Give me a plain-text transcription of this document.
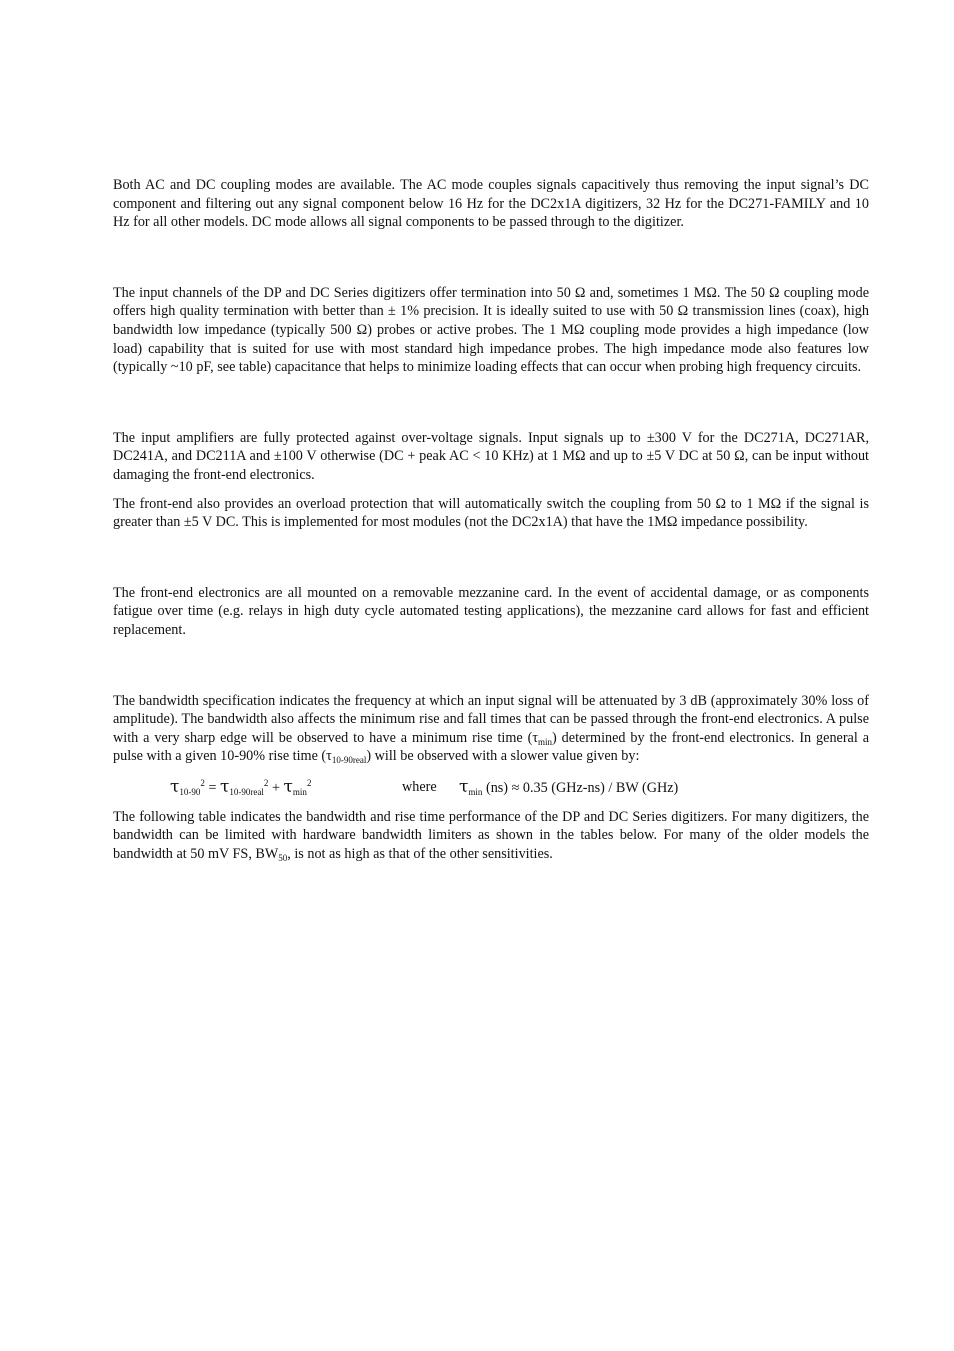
Both AC and DC coupling modes are available. The AC mode couples signals capacitively thus removing the input signal’s DC component and filtering out any signal component below 16 Hz for the DC2x1A digitizers, 32 Hz for the DC271-FAMILY and 10 Hz for all other models. DC mode allows all signal components to be passed through to the digitizer.

The input channels of the DP and DC Series digitizers offer termination into 50 Ω and, sometimes 1 MΩ. The 50 Ω coupling mode offers high quality termination with better than ± 1% precision. It is ideally suited to use with 50 Ω transmission lines (coax), high bandwidth low impedance (typically 500 Ω) probes or active probes. The 1 MΩ coupling mode provides a high impedance (low load) capability that is suited for use with most standard high impedance probes. The high impedance mode also features low (typically ~10 pF, see table) capacitance that helps to minimize loading effects that can occur when probing high frequency circuits.

The input amplifiers are fully protected against over-voltage signals. Input signals up to ±300 V for the DC271A, DC271AR, DC241A, and DC211A and ±100 V otherwise (DC + peak AC < 10 KHz) at 1 MΩ and up to ±5 V DC at 50 Ω, can be input without damaging the front-end electronics.

The front-end also provides an overload protection that will automatically switch the coupling from 50 Ω to 1 MΩ if the signal is greater than ±5 V DC. This is implemented for most modules (not the DC2x1A) that have the 1MΩ impedance possibility.

The front-end electronics are all mounted on a removable mezzanine card. In the event of accidental damage, or as components fatigue over time (e.g. relays in high duty cycle automated testing applications), the mezzanine card allows for fast and efficient replacement.

The bandwidth specification indicates the frequency at which an input signal will be attenuated by 3 dB (approximately 30% loss of amplitude). The bandwidth also affects the minimum rise and fall times that can be passed through the front-end electronics. A pulse with a very sharp edge will be observed to have a minimum rise time $(\tau_{min})$ determined by the front-end electronics. In general a pulse with a given 10-90% rise time $(\tau_{10-90real})$ will be observed with a slower value given by:

$\tau_{10-90}^2 = \tau_{10-90real}^2 + \tau_{min}^2$	where $\tau_{min}$ (ns) ≈ 0.35 (GHz-ns) / BW (GHz)

The following table indicates the bandwidth and rise time performance of the DP and DC Series digitizers. For many digitizers, the bandwidth can be limited with hardware bandwidth limiters as shown in the tables below. For many of the older models the bandwidth at 50 mV FS, $BW_{50}$, is not as high as that of the other sensitivities.
